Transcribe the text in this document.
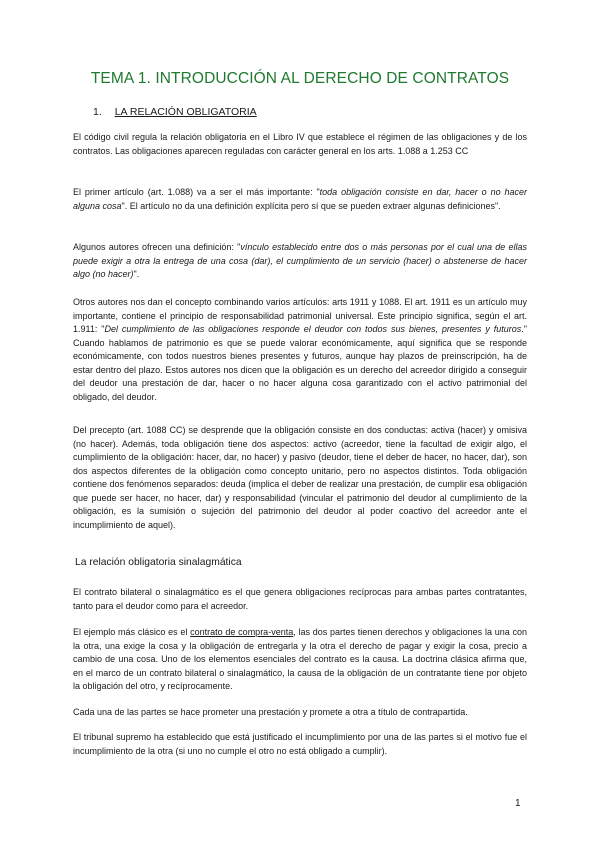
TEMA 1. INTRODUCCIÓN AL DERECHO DE CONTRATOS
1. LA RELACIÓN OBLIGATORIA

El código civil regula la relación obligatoria en el Libro IV que establece el régimen de las obligaciones y de los contratos. Las obligaciones aparecen reguladas con carácter general en los arts. 1.088 a 1.253 CC

El primer artículo (art. 1.088) va a ser el más importante: "toda obligación consiste en dar, hacer o no hacer alguna cosa". El artículo no da una definición explícita pero sí que se pueden extraer algunas definiciones".

Algunos autores ofrecen una definición: "vínculo establecido entre dos o más personas por el cual una de ellas puede exigir a otra la entrega de una cosa (dar), el cumplimiento de un servicio (hacer) o abstenerse de hacer algo (no hacer)".

Otros autores nos dan el concepto combinando varios artículos: arts 1911 y 1088. El art. 1911 es un artículo muy importante, contiene el principio de responsabilidad patrimonial universal. Este principio significa, según el art. 1.911: "Del cumplimiento de las obligaciones responde el deudor con todos sus bienes, presentes y futuros." Cuando hablamos de patrimonio es que se puede valorar económicamente, aquí significa que se responde económicamente, con todos nuestros bienes presentes y futuros, aunque hay plazos de preinscripción, ha de estar dentro del plazo. Estos autores nos dicen que la obligación es un derecho del acreedor dirigido a conseguir del deudor una prestación de dar, hacer o no hacer alguna cosa garantizado con el activo patrimonial del obligado, del deudor.

Del precepto (art. 1088 CC) se desprende que la obligación consiste en dos conductas: activa (hacer) y omisiva (no hacer). Además, toda obligación tiene dos aspectos: activo (acreedor, tiene la facultad de exigir algo, el cumplimiento de la obligación: hacer, dar, no hacer) y pasivo (deudor, tiene el deber de hacer, no hacer, dar), son dos aspectos diferentes de la obligación como concepto unitario, pero no aspectos distintos. Toda obligación contiene dos fenómenos separados: deuda (implica el deber de realizar una prestación, de cumplir esa obligación que puede ser hacer, no hacer, dar) y responsabilidad (vincular el patrimonio del deudor al cumplimiento de la obligación, es la sumisión o sujeción del patrimonio del deudor al poder coactivo del acreedor ante el incumplimiento de aquel).

La relación obligatoria sinalagmática

El contrato bilateral o sinalagmático es el que genera obligaciones recíprocas para ambas partes contratantes, tanto para el deudor como para el acreedor.

El ejemplo más clásico es el contrato de compra-venta, las dos partes tienen derechos y obligaciones la una con la otra, una exige la cosa y la obligación de entregarla y la otra el derecho de pagar y exigir la cosa, precio a cambio de una cosa. Uno de los elementos esenciales del contrato es la causa. La doctrina clásica afirma que, en el marco de un contrato bilateral o sinalagmático, la causa de la obligación de un contratante tiene por objeto la obligación del otro, y recíprocamente.

Cada una de las partes se hace prometer una prestación y promete a otra a título de contrapartida.

El tribunal supremo ha establecido que está justificado el incumplimiento por una de las partes si el motivo fue el incumplimiento de la otra (si uno no cumple el otro no está obligado a cumplir).

1
